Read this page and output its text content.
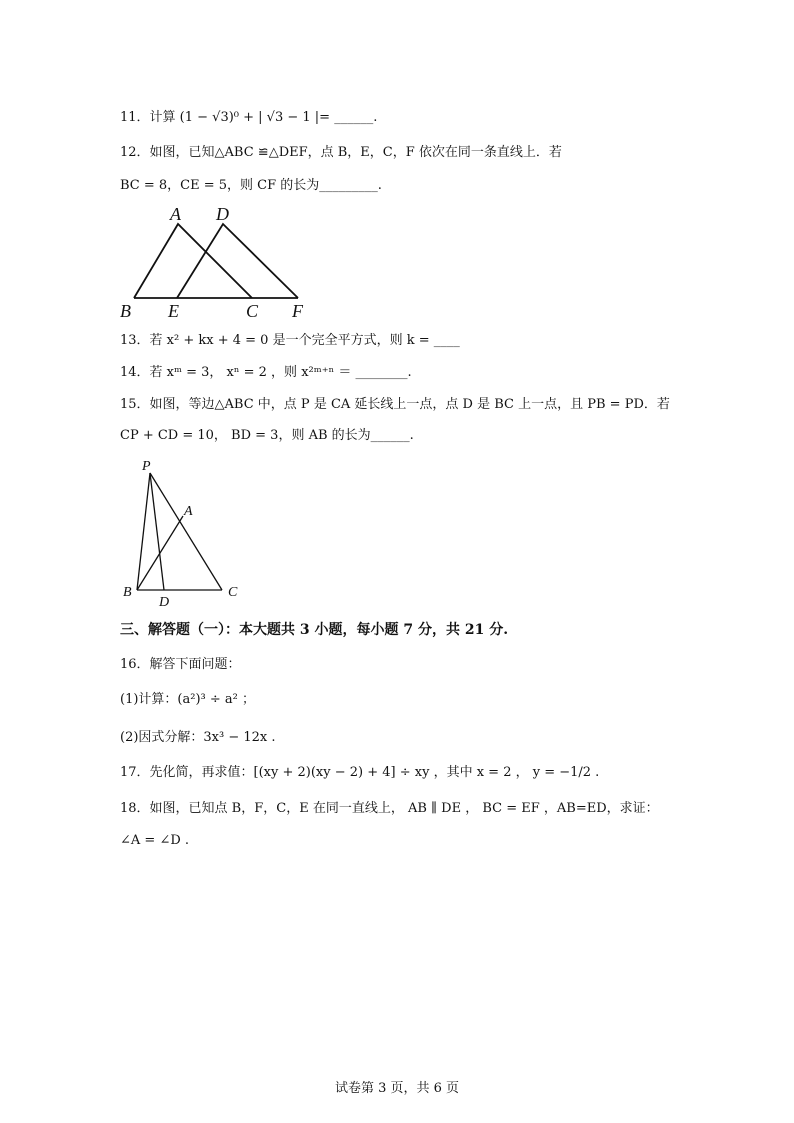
11．计算 (1 − √3)⁰ + | √3 − 1 |= ______.
12．如图，已知△ABC ≌△DEF，点 B，E，C，F 依次在同一条直线上．若
BC = 8，CE = 5，则 CF 的长为_________.
A D
B E	C F
13．若 x² + kx + 4 = 0 是一个完全平方式，则 k = ____
14．若 xᵐ = 3， xⁿ = 2 ，则 x²ᵐ⁺ⁿ ＝ ________.
15．如图，等边△ABC 中，点 P 是 CA 延长线上一点，点 D 是 BC 上一点，且 PB = PD．若
CP + CD = 10， BD = 3，则 AB 的长为______.
P
A
B
D
C
三、解答题（一）：本大题共 3 小题，每小题 7 分，共 21 分.
16．解答下面问题：
(1)计算：(a²)³ ÷ a² ；
(2)因式分解：3x³ − 12x .
17．先化简，再求值：[(xy + 2)(xy − 2) + 4] ÷ xy ，其中 x = 2 ， y = −1/2 .
18．如图，已知点 B，F，C，E 在同一直线上， AB ∥ DE ， BC = EF ，AB=ED，求证：
∠A = ∠D .
试卷第 3 页，共 6 页
